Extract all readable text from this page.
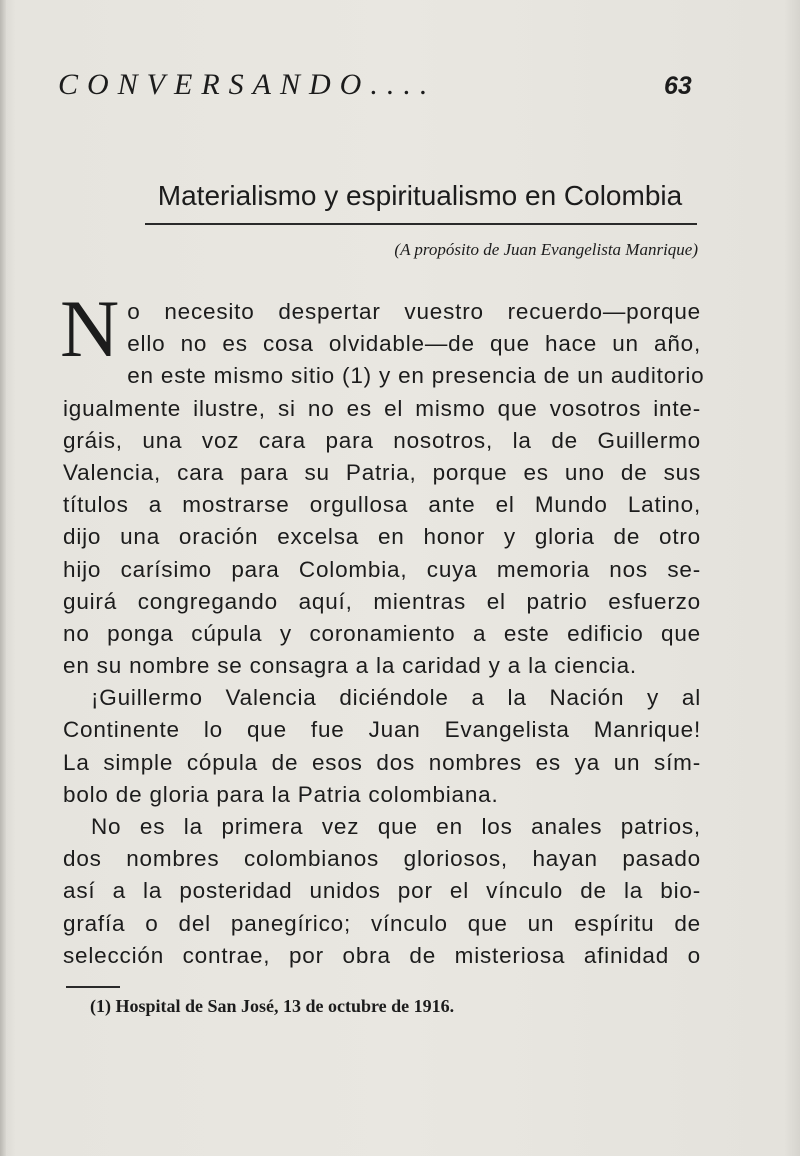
CONVERSANDO....	63
Materialismo y espiritualismo en Colombia
(A propósito de Juan Evangelista Manrique)
N o necesito despertar vuestro recuerdo—porque
ello no es cosa olvidable—de que hace un año,
en este mismo sitio (1) y en presencia de un auditorio
igualmente ilustre, si no es el mismo que vosotros inte-
gráis, una voz cara para nosotros, la de Guillermo
Valencia, cara para su Patria, porque es uno de sus
títulos a mostrarse orgullosa ante el Mundo Latino,
dijo una oración excelsa en honor y gloria de otro
hijo carísimo para Colombia, cuya memoria nos se-
guirá congregando aquí, mientras el patrio esfuerzo
no ponga cúpula y coronamiento a este edificio que
en su nombre se consagra a la caridad y a la ciencia.
¡Guillermo Valencia diciéndole a la Nación y al
Continente lo que fue Juan Evangelista Manrique!
La simple cópula de esos dos nombres es ya un sím-
bolo de gloria para la Patria colombiana.
No es la primera vez que en los anales patrios,
dos nombres colombianos gloriosos, hayan pasado
así a la posteridad unidos por el vínculo de la bio-
grafía o del panegírico; vínculo que un espíritu de
selección contrae, por obra de misteriosa afinidad o
(1) Hospital de San José, 13 de octubre de 1916.
